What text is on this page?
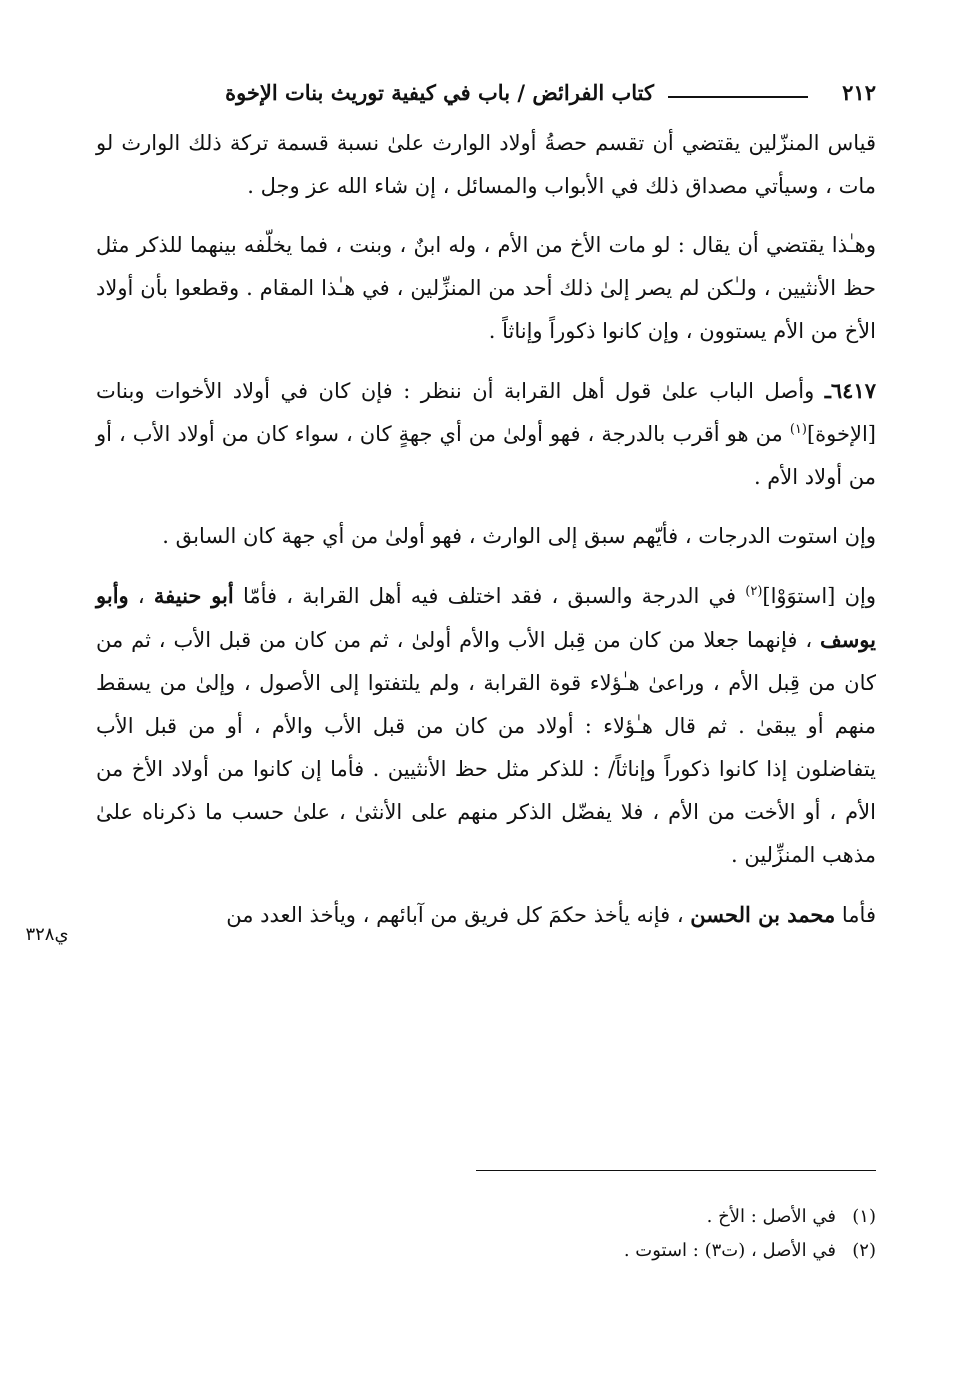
٢١٢
كتاب الفرائض / باب في كيفية توريث بنات الإخوة

قياس المنزّلين يقتضي أن تقسم حصةُ أولاد الوارث علىٰ نسبة قسمة تركة ذلك الوارث لو مات ، وسيأتي مصداق ذلك في الأبواب والمسائل ، إن شاء الله عز وجل .

وهـٰذا يقتضي أن يقال : لو مات الأخ من الأم ، وله ابنٌ ، وبنت ، فما يخلّفه بينهما للذكر مثل حظ الأنثيين ، ولـٰكن لم يصر إلىٰ ذلك أحد من المنزِّلين ، في هـٰذا المقام . وقطعوا بأن أولاد الأخ من الأم يستوون ، وإن كانوا ذكوراً وإناثاً .

٦٤١٧ـ وأصل الباب علىٰ قول أهل القرابة أن ننظر : فإن كان في أولاد الأخوات وبنات [الإخوة]$^{(١)}$ من هو أقرب بالدرجة ، فهو أولىٰ من أي جهةٍ كان ، سواء كان من أولاد الأب ، أو من أولاد الأم .

وإن استوت الدرجات ، فأيّهم سبق إلى الوارث ، فهو أولىٰ من أي جهة كان السابق .

وإن [استوَوْا]$^{(٢)}$ في الدرجة والسبق ، فقد اختلف فيه أهل القرابة ، فأمّا أبو حنيفة ، وأبو يوسف ، فإنهما جعلا من كان من قِبل الأب والأم أولىٰ ، ثم من كان من قبل الأب ، ثم من كان من قِبل الأم ، وراعىٰ هـٰؤلاء قوة القرابة ، ولم يلتفتوا إلى الأصول ، وإلىٰ من يسقط منهم أو يبقىٰ . ثم قال هـٰؤلاء : أولاد من كان من قبل الأب والأم ، أو من قبل الأب يتفاضلون إذا كانوا ذكوراً وإناثاً/ : للذكر مثل حظ الأنثيين . فأما إن كانوا من أولاد الأخ من الأم ، أو الأخت من الأم ، فلا يفضّل الذكر منهم على الأنثىٰ ، علىٰ حسب ما ذكرناه علىٰ مذهب المنزِّلين .

فأما محمد بن الحسن ، فإنه يأخذ حكمَ كل فريق من آبائهم ، ويأخذ العدد من

ي٣٢٨
(١)في الأصل : الأخ .
(٢)في الأصل ، (ت٣) : استوت .
